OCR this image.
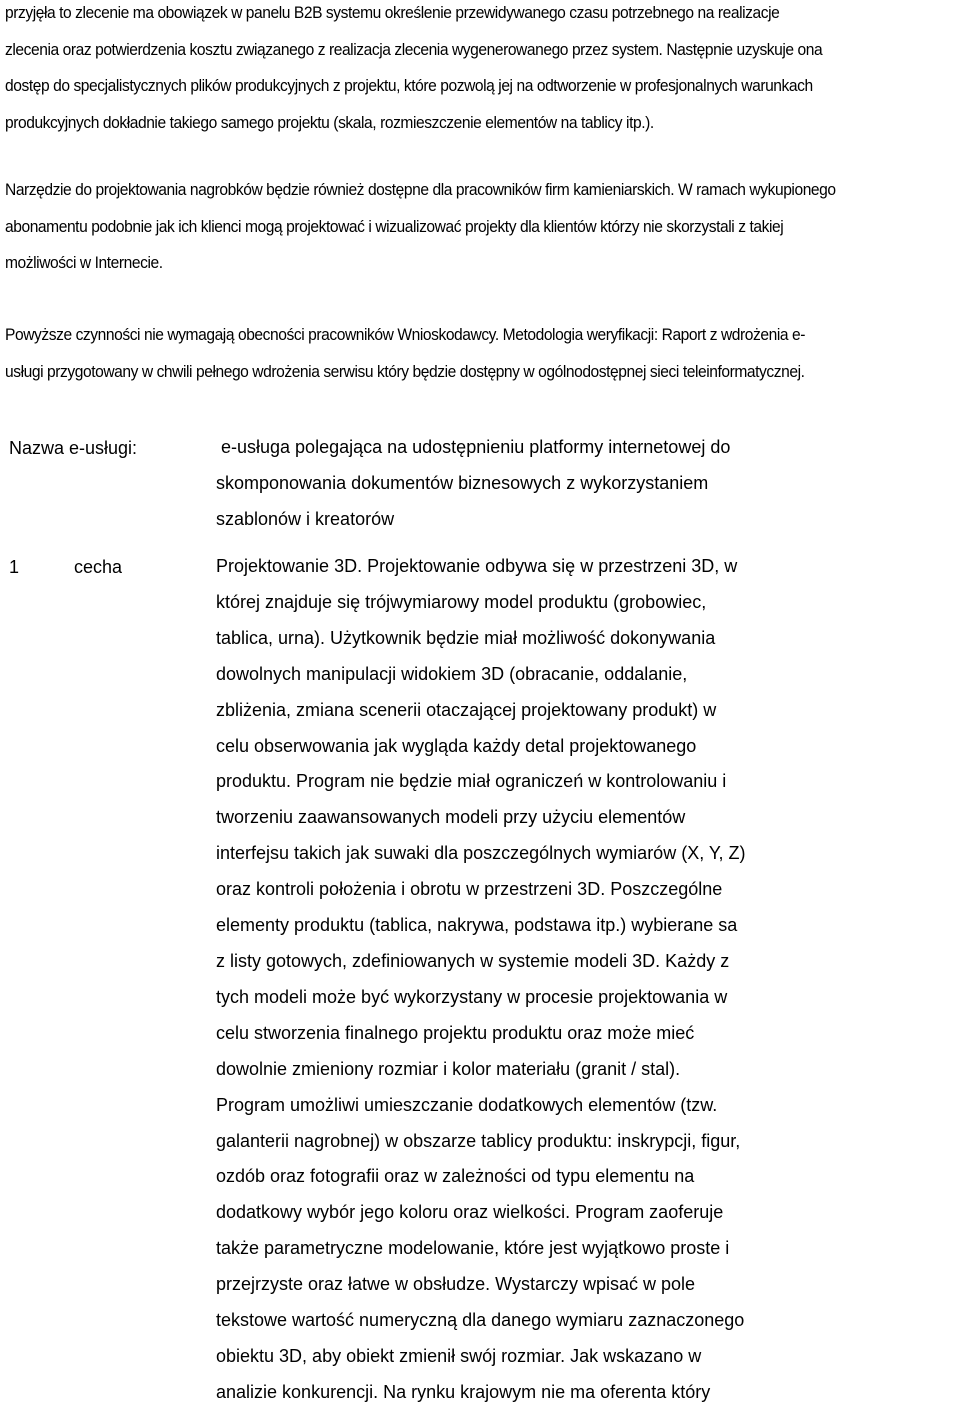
przyjęła to zlecenie ma obowiązek w panelu B2B systemu określenie przewidywanego czasu potrzebnego na realizacje
zlecenia oraz potwierdzenia kosztu związanego z realizacja zlecenia wygenerowanego przez system. Następnie uzyskuje ona
dostęp do specjalistycznych plików produkcyjnych z projektu, które pozwolą jej na odtworzenie w profesjonalnych warunkach
produkcyjnych dokładnie takiego samego projektu (skala, rozmieszczenie elementów na tablicy itp.).

Narzędzie do projektowania nagrobków będzie również dostępne dla pracowników firm kamieniarskich. W ramach wykupionego
abonamentu podobnie jak ich klienci mogą projektować i wizualizować projekty dla klientów którzy nie skorzystali z takiej
możliwości w Internecie.

Powyższe czynności nie wymagają obecności pracowników Wnioskodawcy. Metodologia weryfikacji: Raport z wdrożenia e-
usługi przygotowany w chwili pełnego wdrożenia serwisu który będzie dostępny w ogólnodostępnej sieci teleinformatycznej.

Nazwa e-usługi:	e-usługa polegająca na udostępnieniu platformy internetowej do
skomponowania dokumentów biznesowych z wykorzystaniem
szablonów i kreatorów
1	cecha	Projektowanie 3D. Projektowanie odbywa się w przestrzeni 3D, w
której znajduje się trójwymiarowy model produktu (grobowiec,
tablica, urna). Użytkownik będzie miał możliwość dokonywania
dowolnych manipulacji widokiem 3D (obracanie, oddalanie,
zbliżenia, zmiana scenerii otaczającej projektowany produkt) w
celu obserwowania jak wygląda każdy detal projektowanego
produktu. Program nie będzie miał ograniczeń w kontrolowaniu i
tworzeniu zaawansowanych modeli przy użyciu elementów
interfejsu takich jak suwaki dla poszczególnych wymiarów (X, Y, Z)
oraz kontroli położenia i obrotu w przestrzeni 3D. Poszczególne
elementy produktu (tablica, nakrywa, podstawa itp.) wybierane sa
z listy gotowych, zdefiniowanych w systemie modeli 3D. Każdy z
tych modeli może być wykorzystany w procesie projektowania w
celu stworzenia finalnego projektu produktu oraz może mieć
dowolnie zmieniony rozmiar i kolor materiału (granit / stal).
Program umożliwi umieszczanie dodatkowych elementów (tzw.
galanterii nagrobnej) w obszarze tablicy produktu: inskrypcji, figur,
ozdób oraz fotografii oraz w zależności od typu elementu na
dodatkowy wybór jego koloru oraz wielkości. Program zaoferuje
także parametryczne modelowanie, które jest wyjątkowo proste i
przejrzyste oraz łatwe w obsłudze. Wystarczy wpisać w pole
tekstowe wartość numeryczną dla danego wymiaru zaznaczonego
obiektu 3D, aby obiekt zmienił swój rozmiar. Jak wskazano w
analizie konkurencji. Na rynku krajowym nie ma oferenta który
